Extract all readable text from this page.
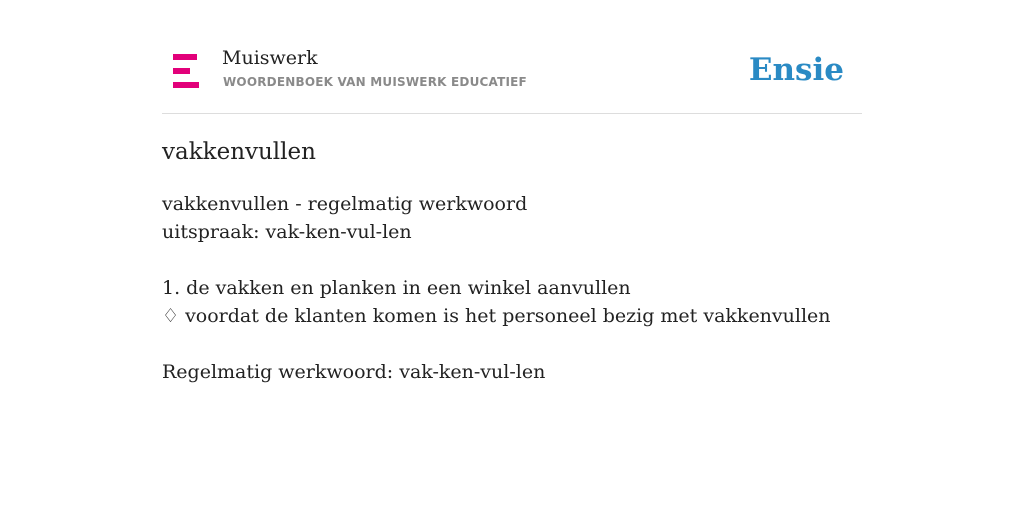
Muiswerk
WOORDENBOEK VAN MUISWERK EDUCATIEF	Ensie
vakkenvullen
vakkenvullen - regelmatig werkwoord
uitspraak: vak-ken-vul-len
1. de vakken en planken in een winkel aanvullen
♢ voordat de klanten komen is het personeel bezig met vakkenvullen
Regelmatig werkwoord: vak-ken-vul-len
